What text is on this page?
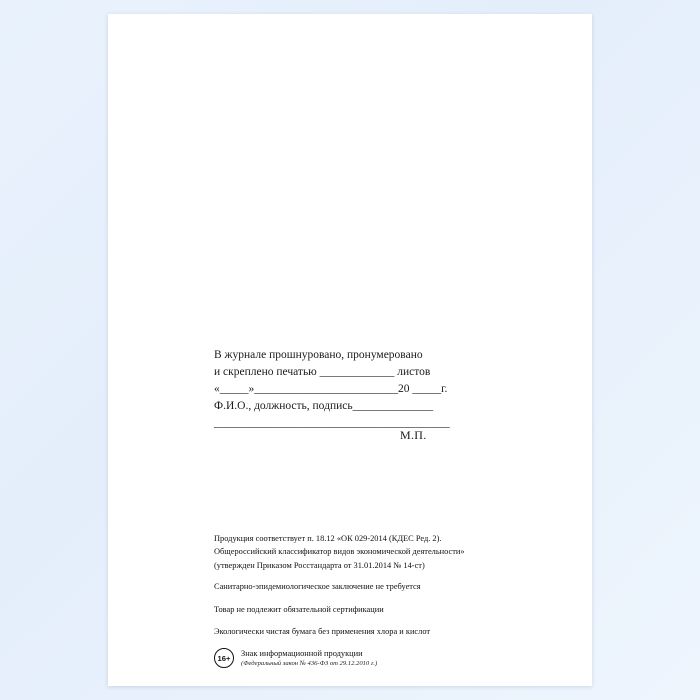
В журнале прошнуровано, пронумеровано
и скреплено печатью _____________ листов
«_____»_________________________20 _____г.
Ф.И.О., должность, подпись______________
_________________________________________
М.П.
Продукция соответствует п. 18.12 «ОК 029-2014 (КДЕС Ред. 2).
Общероссийский классификатор видов экономической деятельности»
(утвержден Приказом Росстандарта от 31.01.2014 № 14-ст)
Санитарно-эпидемиологическое заключение не требуется
Товар не подлежит обязательной сертификации
Экологически чистая бумага без применения хлора и кислот
16+
Знак информационной продукции
(Федеральный закон № 436-ФЗ от 29.12.2010 г.)
